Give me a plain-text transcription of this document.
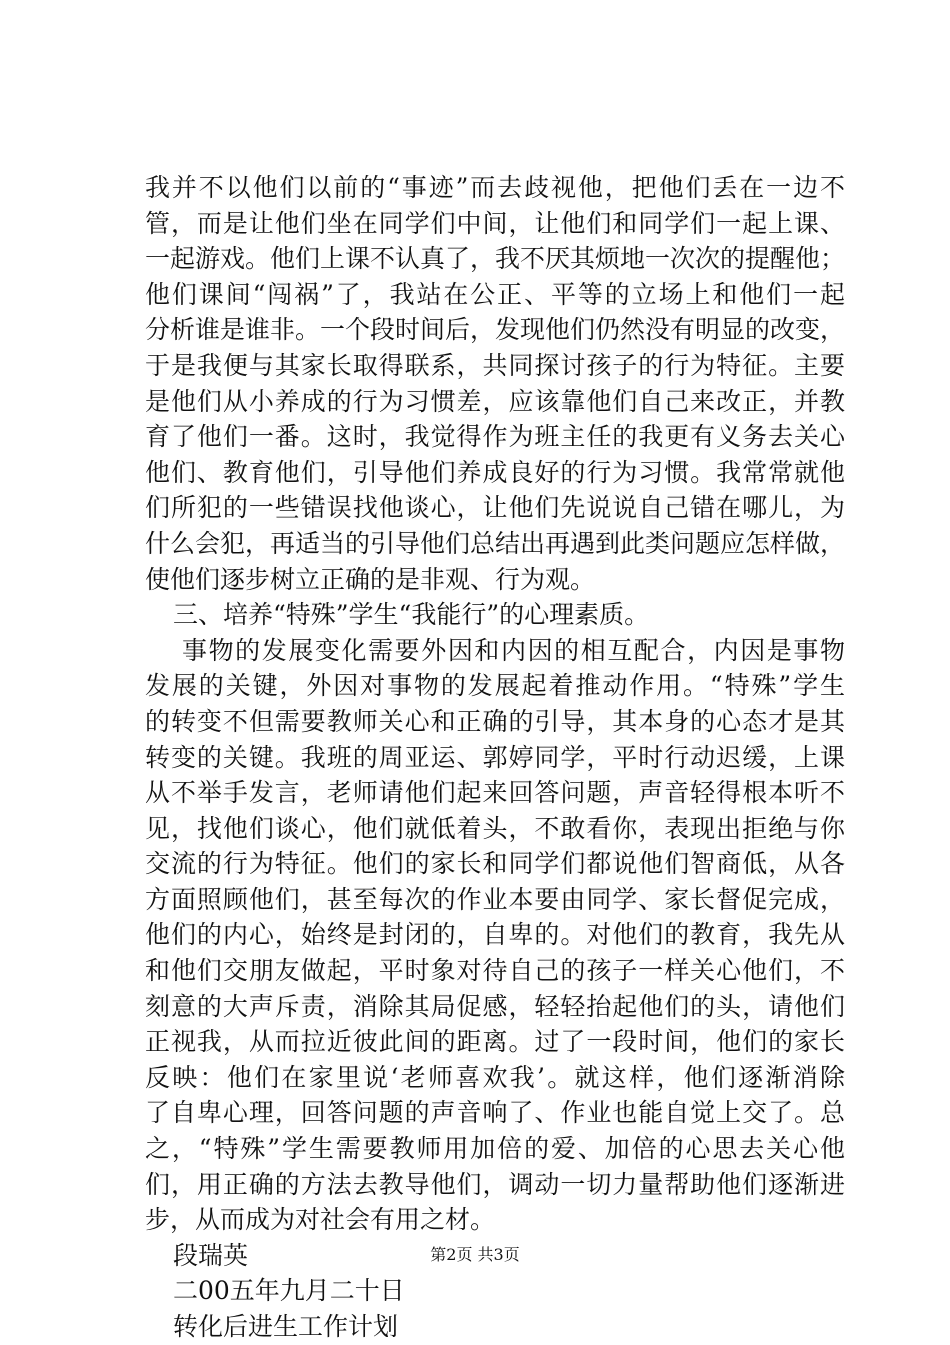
我并不以他们以前的“事迹”而去歧视他，把他们丢在一边不
管，而是让他们坐在同学们中间，让他们和同学们一起上课、
一起游戏。他们上课不认真了，我不厌其烦地一次次的提醒他；
他们课间“闯祸”了，我站在公正、平等的立场上和他们一起
分析谁是谁非。一个段时间后，发现他们仍然没有明显的改变，
于是我便与其家长取得联系，共同探讨孩子的行为特征。主要
是他们从小养成的行为习惯差，应该靠他们自己来改正，并教
育了他们一番。这时，我觉得作为班主任的我更有义务去关心
他们、教育他们，引导他们养成良好的行为习惯。我常常就他
们所犯的一些错误找他谈心，让他们先说说自己错在哪儿，为
什么会犯，再适当的引导他们总结出再遇到此类问题应怎样做，
使他们逐步树立正确的是非观、行为观。
三、培养“特殊”学生“我能行”的心理素质。
事物的发展变化需要外因和内因的相互配合，内因是事物
发展的关键，外因对事物的发展起着推动作用。“特殊”学生
的转变不但需要教师关心和正确的引导，其本身的心态才是其
转变的关键。我班的周亚运、郭婷同学，平时行动迟缓，上课
从不举手发言，老师请他们起来回答问题，声音轻得根本听不
见，找他们谈心，他们就低着头，不敢看你，表现出拒绝与你
交流的行为特征。他们的家长和同学们都说他们智商低，从各
方面照顾他们，甚至每次的作业本要由同学、家长督促完成，
他们的内心，始终是封闭的，自卑的。对他们的教育，我先从
和他们交朋友做起，平时象对待自己的孩子一样关心他们，不
刻意的大声斥责，消除其局促感，轻轻抬起他们的头，请他们
正视我，从而拉近彼此间的距离。过了一段时间，他们的家长
反映：他们在家里说‘老师喜欢我’。就这样，他们逐渐消除
了自卑心理，回答问题的声音响了、作业也能自觉上交了。总
之，“特殊”学生需要教师用加倍的爱、加倍的心思去关心他
们，用正确的方法去教导他们，调动一切力量帮助他们逐渐进
步，从而成为对社会有用之材。
段瑞英
二00五年九月二十日
转化后进生工作计划
第2页 共3页
